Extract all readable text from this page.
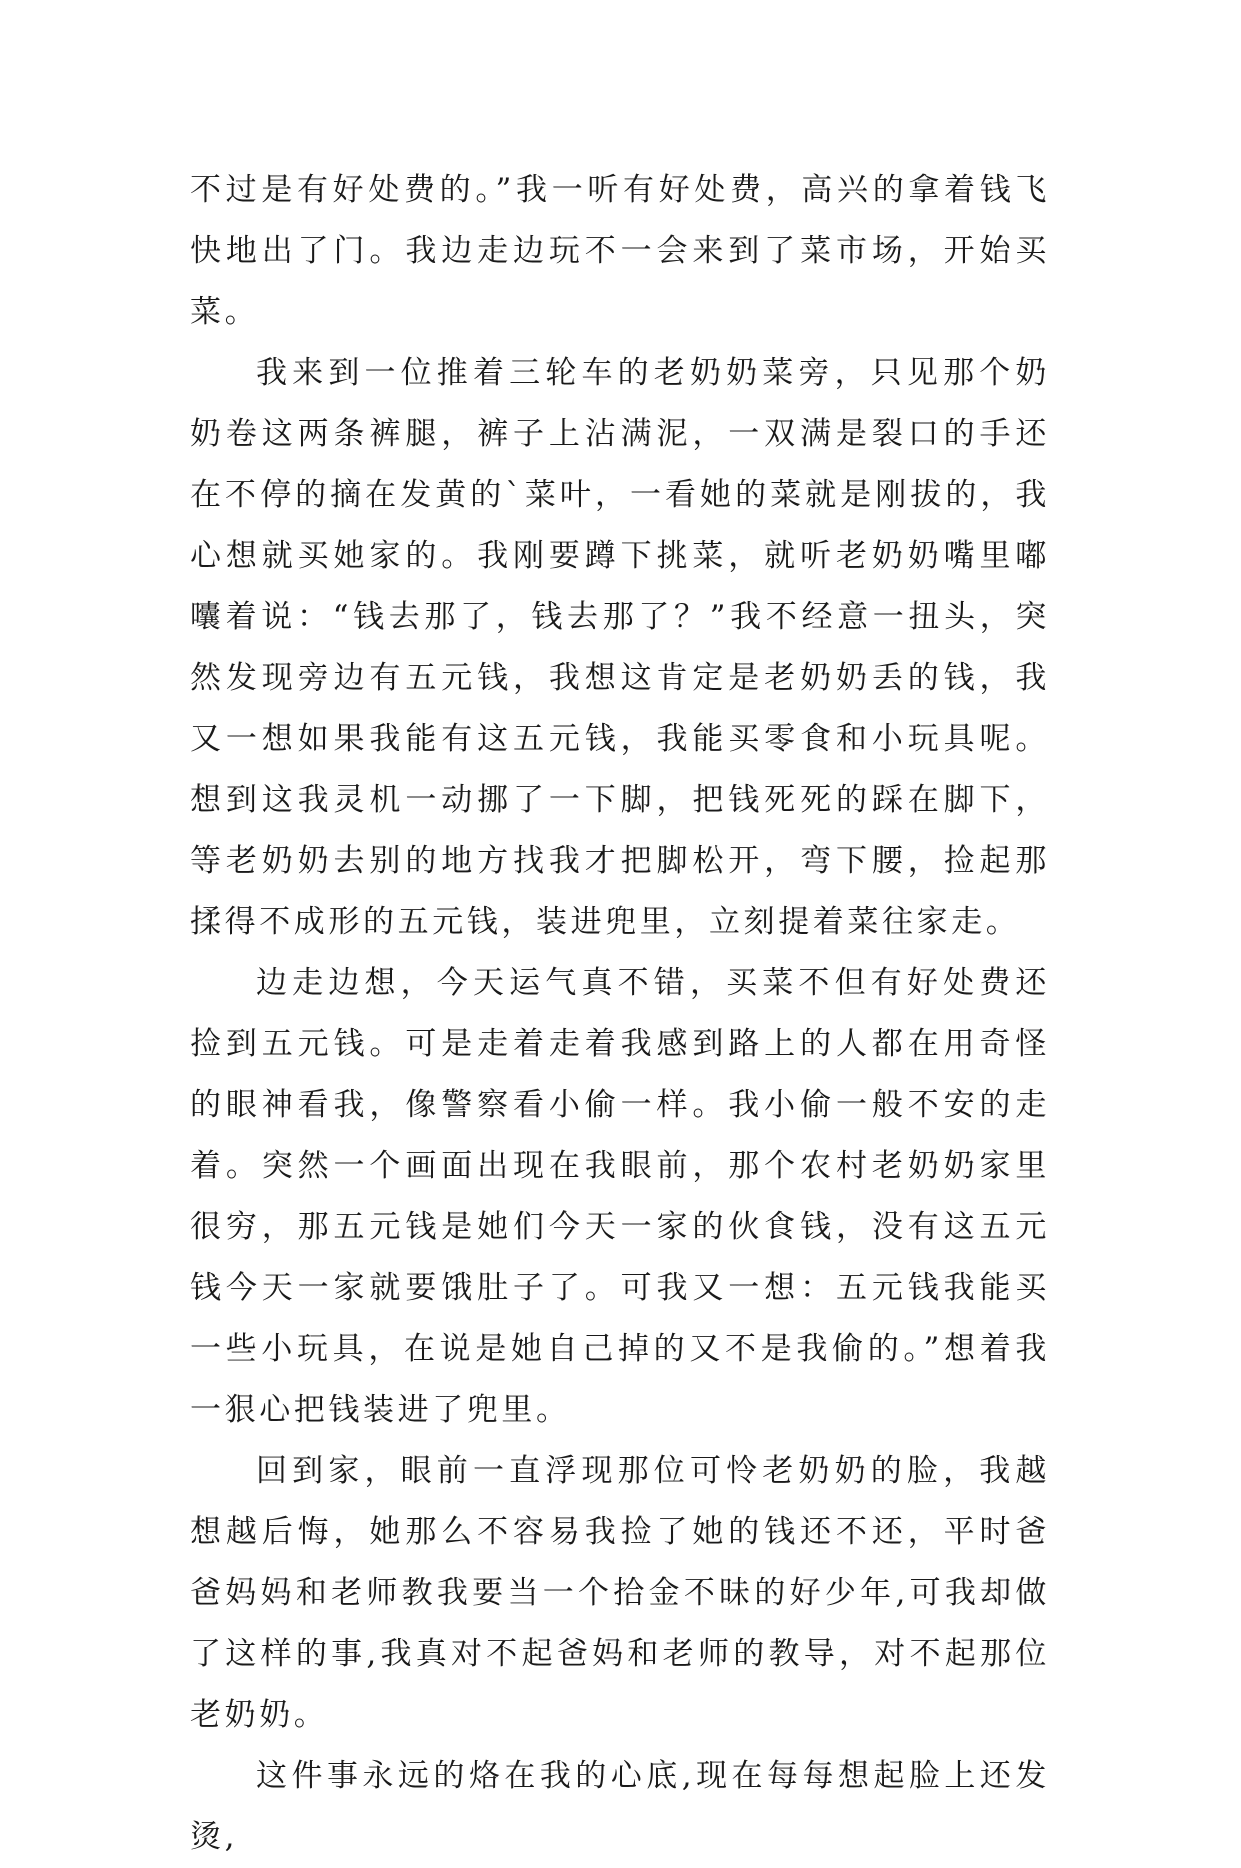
不过是有好处费的。”我一听有好处费，高兴的拿着钱飞快地出了门。我边走边玩不一会来到了菜市场，开始买菜。

我来到一位推着三轮车的老奶奶菜旁，只见那个奶奶卷这两条裤腿，裤子上沾满泥，一双满是裂口的手还在不停的摘在发黄的`菜叶，一看她的菜就是刚拔的，我心想就买她家的。我刚要蹲下挑菜，就听老奶奶嘴里嘟囔着说：“钱去那了，钱去那了？”我不经意一扭头，突然发现旁边有五元钱，我想这肯定是老奶奶丢的钱，我又一想如果我能有这五元钱，我能买零食和小玩具呢。想到这我灵机一动挪了一下脚，把钱死死的踩在脚下，等老奶奶去别的地方找我才把脚松开，弯下腰，捡起那揉得不成形的五元钱，装进兜里，立刻提着菜往家走。

边走边想，今天运气真不错，买菜不但有好处费还捡到五元钱。可是走着走着我感到路上的人都在用奇怪的眼神看我，像警察看小偷一样。我小偷一般不安的走着。突然一个画面出现在我眼前，那个农村老奶奶家里很穷，那五元钱是她们今天一家的伙食钱，没有这五元钱今天一家就要饿肚子了。可我又一想：五元钱我能买一些小玩具，在说是她自己掉的又不是我偷的。”想着我一狠心把钱装进了兜里。

回到家，眼前一直浮现那位可怜老奶奶的脸，我越想越后悔，她那么不容易我捡了她的钱还不还，平时爸爸妈妈和老师教我要当一个拾金不昧的好少年,可我却做了这样的事,我真对不起爸妈和老师的教导，对不起那位老奶奶。

这件事永远的烙在我的心底,现在每每想起脸上还发烫,
